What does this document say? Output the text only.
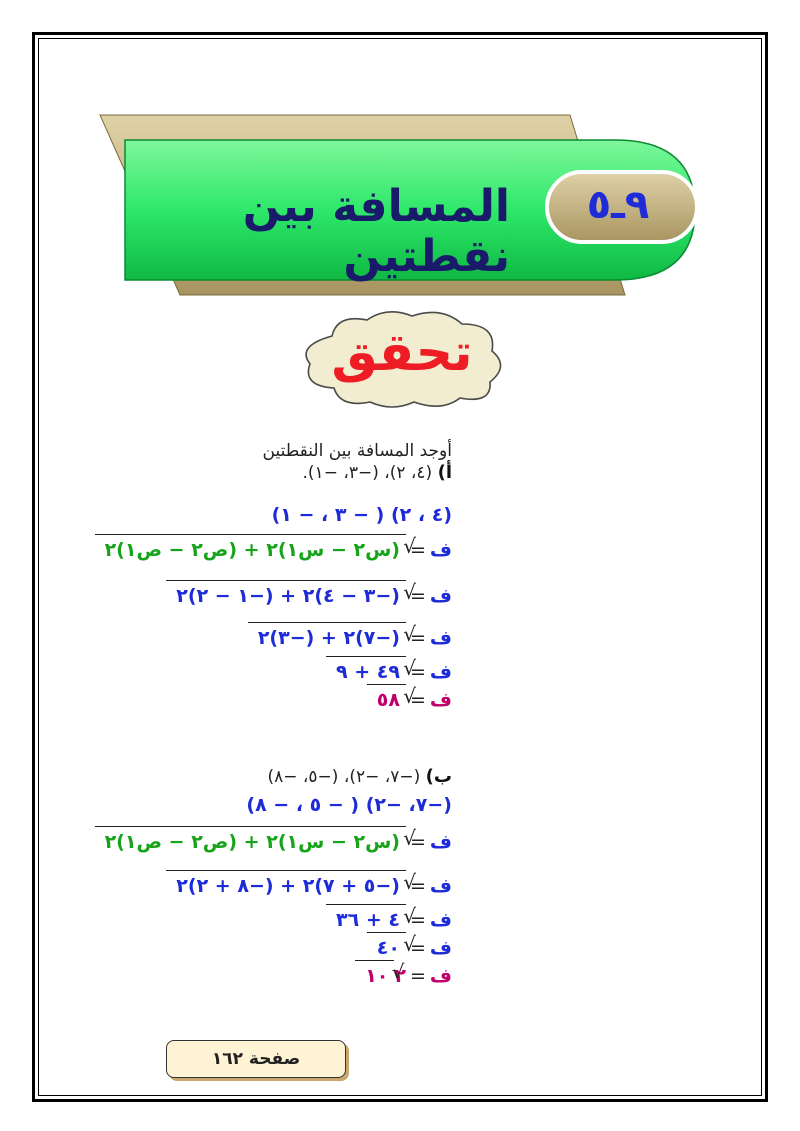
٩ـ٥
المسافة بين نقطتين
تحقق
أوجد المسافة بين النقطتين
أ) (٤، ٢)، (−٣، −١).
(٤ ، ٢) ( − ٣ ، − ١)
ف=√ (س٢ − س١)٢ + (ص٢ − ص١)٢
ف=√ (−٣ − ٤)٢ + (−١ − ٢)٢
ف=√ (−٧)٢ + (−٣)٢
ف=√ ٤٩ + ٩
ف=√ ٥٨
ب) (−٧، −٢)، (−٥، −٨)
(−٧، −٢) ( − ٥ ، − ٨)
ف=√ (س٢ − س١)٢ + (ص٢ − ص١)٢
ف=√ (−٥ + ٧)٢ + (−٨ + ٢)٢
ف=√ ٤ + ٣٦
ف=√ ٤٠
ف=٢√ ١٠
صفحة ١٦٢
